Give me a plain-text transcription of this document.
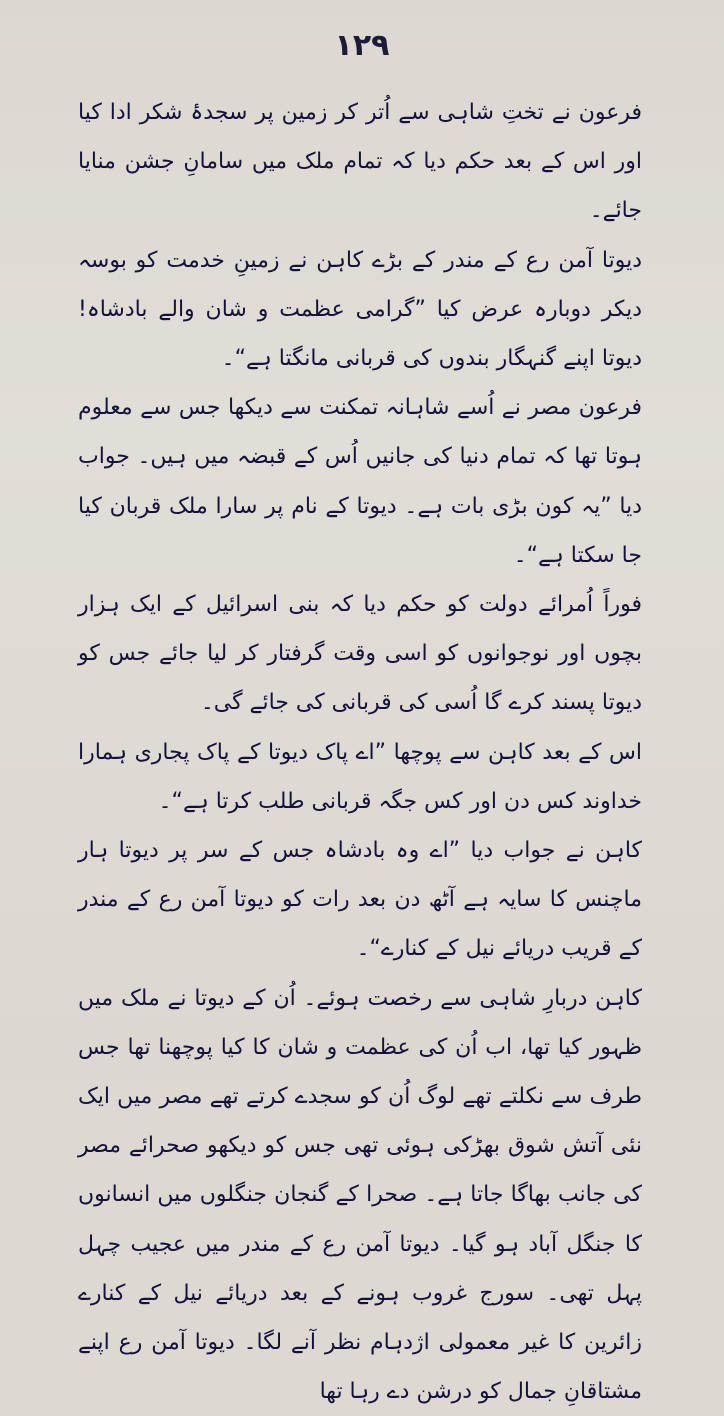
۱۲۹

فرعون نے تختِ شاہی سے اُتر کر زمین پر سجدۂ شکر ادا کیا اور اس کے بعد حکم دیا کہ تمام ملک میں سامانِ جشن منایا جائے۔

دیوتا آمن رع کے مندر کے بڑے کاہن نے زمینِ خدمت کو بوسہ دیکر دوبارہ عرض کیا ”گرامی عظمت و شان والے بادشاہ! دیوتا اپنے گنہگار بندوں کی قربانی مانگتا ہے“۔

فرعون مصر نے اُسے شاہانہ تمکنت سے دیکھا جس سے معلوم ہوتا تھا کہ تمام دنیا کی جانیں اُس کے قبضہ میں ہیں۔ جواب دیا ”یہ کون بڑی بات ہے۔ دیوتا کے نام پر سارا ملک قربان کیا جا سکتا ہے“۔

فوراً اُمرائے دولت کو حکم دیا کہ بنی اسرائیل کے ایک ہزار بچوں اور نوجوانوں کو اسی وقت گرفتار کر لیا جائے جس کو دیوتا پسند کرے گا اُسی کی قربانی کی جائے گی۔

اس کے بعد کاہن سے پوچھا ”اے پاک دیوتا کے پاک پجاری ہمارا خداوند کس دن اور کس جگہ قربانی طلب کرتا ہے“۔

کاہن نے جواب دیا ”اے وہ بادشاہ جس کے سر پر دیوتا ہار ماچنس کا سایہ ہے آٹھ دن بعد رات کو دیوتا آمن رع کے مندر کے قریب دریائے نیل کے کنارے“۔

کاہن دربارِ شاہی سے رخصت ہوئے۔ اُن کے دیوتا نے ملک میں ظہور کیا تھا، اب اُن کی عظمت و شان کا کیا پوچھنا تھا جس طرف سے نکلتے تھے لوگ اُن کو سجدے کرتے تھے مصر میں ایک نئی آتش شوق بھڑکی ہوئی تھی جس کو دیکھو صحرائے مصر کی جانب بھاگا جاتا ہے۔ صحرا کے گنجان جنگلوں میں انسانوں کا جنگل آباد ہو گیا۔ دیوتا آمن رع کے مندر میں عجیب چہل پہل تھی۔ سورج غروب ہونے کے بعد دریائے نیل کے کنارے زائرین کا غیر معمولی اژدہام نظر آنے لگا۔ دیوتا آمن رع اپنے مشتاقانِ جمال کو درشن دے رہا تھا
